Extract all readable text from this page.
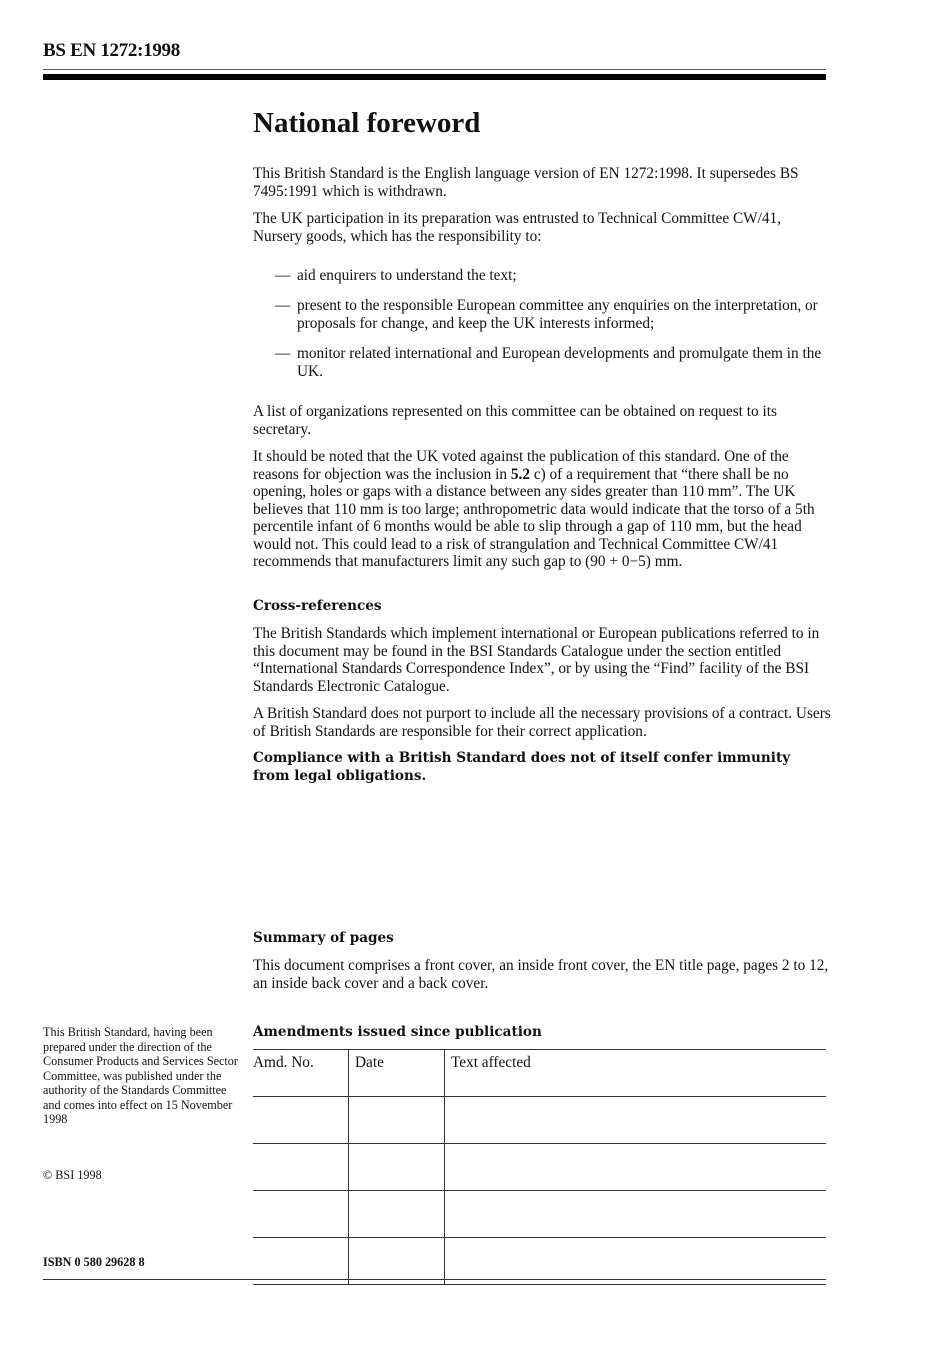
BS EN 1272:1998
National foreword

This British Standard is the English language version of EN 1272:1998. It supersedes BS 7495:1991 which is withdrawn.

The UK participation in its preparation was entrusted to Technical Committee CW/41, Nursery goods, which has the responsibility to:

— aid enquirers to understand the text;
— present to the responsible European committee any enquiries on the interpretation, or proposals for change, and keep the UK interests informed;
— monitor related international and European developments and promulgate them in the UK.

A list of organizations represented on this committee can be obtained on request to its secretary.

It should be noted that the UK voted against the publication of this standard. One of the reasons for objection was the inclusion in 5.2 c) of a requirement that “there shall be no opening, holes or gaps with a distance between any sides greater than 110 mm”. The UK believes that 110 mm is too large; anthropometric data would indicate that the torso of a 5th percentile infant of 6 months would be able to slip through a gap of 110 mm, but the head would not. This could lead to a risk of strangulation and Technical Committee CW/41 recommends that manufacturers limit any such gap to (90 + 0−5) mm.

Cross-references

The British Standards which implement international or European publications referred to in this document may be found in the BSI Standards Catalogue under the section entitled “International Standards Correspondence Index”, or by using the “Find” facility of the BSI Standards Electronic Catalogue.

A British Standard does not purport to include all the necessary provisions of a contract. Users of British Standards are responsible for their correct application.

Compliance with a British Standard does not of itself confer immunity from legal obligations.

Summary of pages

This document comprises a front cover, an inside front cover, the EN title page, pages 2 to 12, an inside back cover and a back cover.

This British Standard, having been prepared under the direction of the Consumer Products and Services Sector Committee, was published under the authority of the Standards Committee and comes into effect on 15 November 1998
© BSI 1998
ISBN 0 580 29628 8

Amendments issued since publication

Amd. No.	Date	Text affected
